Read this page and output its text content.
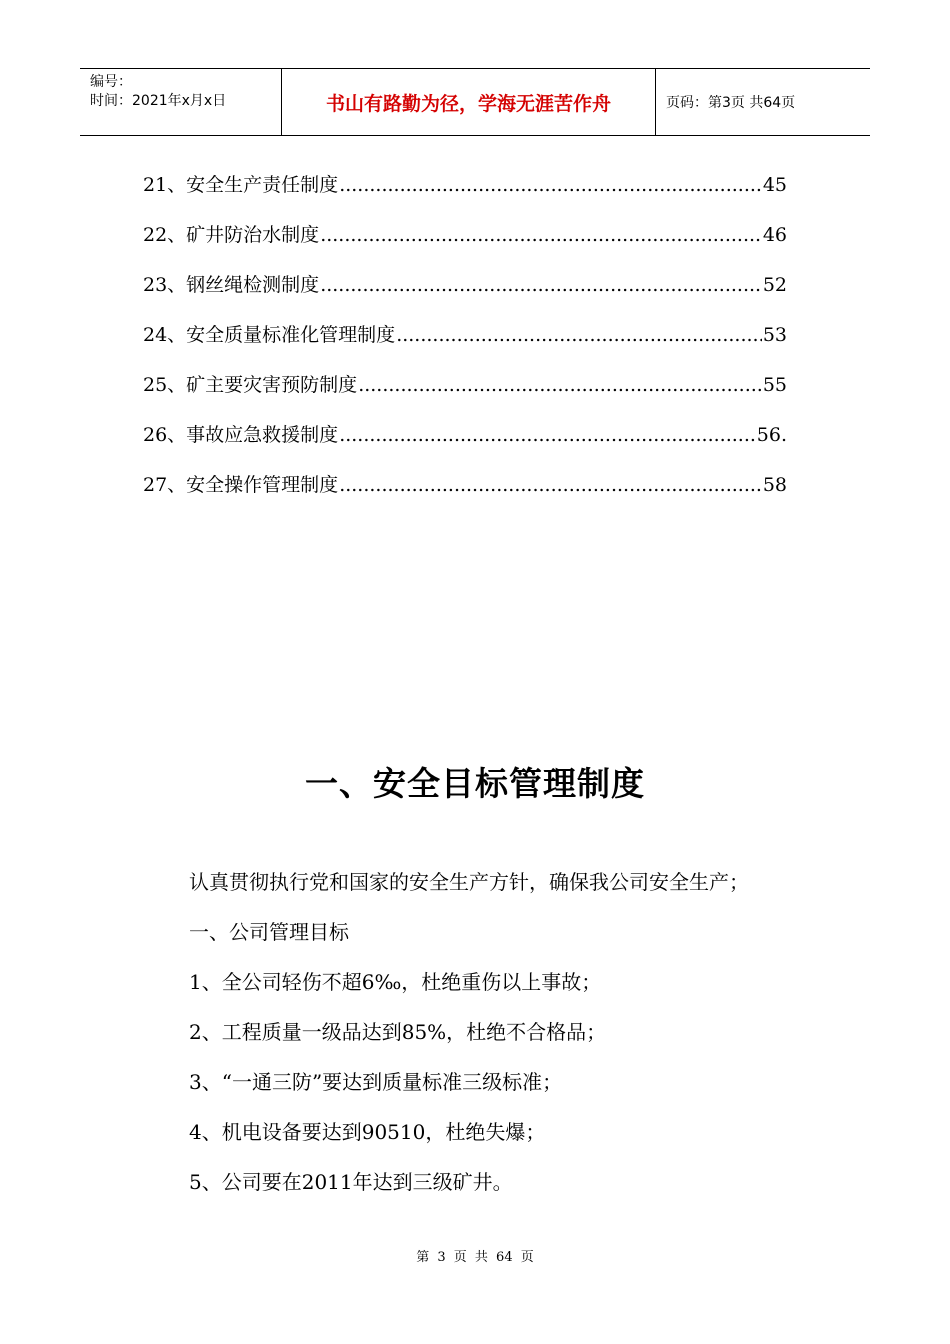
编号：
时间：2021年x月x日	书山有路勤为径，学海无涯苦作舟	页码：第3页 共64页
21、安全生产责任制度 .....	45
22、矿井防治水制度 .....	46
23、钢丝绳检测制度 .....	52
24、安全质量标准化管理制度 .....	53
25、矿主要灾害预防制度 .....	55
26、事故应急救援制度 .....	56.
27、安全操作管理制度 .....	58
一、安全目标管理制度
认真贯彻执行党和国家的安全生产方针，确保我公司安全生产；
一、公司管理目标
1、全公司轻伤不超6‰，杜绝重伤以上事故；
2、工程质量一级品达到85%，杜绝不合格品；
3、“一通三防”要达到质量标准三级标准；
4、机电设备要达到90510，杜绝失爆；
5、公司要在2011年达到三级矿井。
第 3 页 共 64 页
